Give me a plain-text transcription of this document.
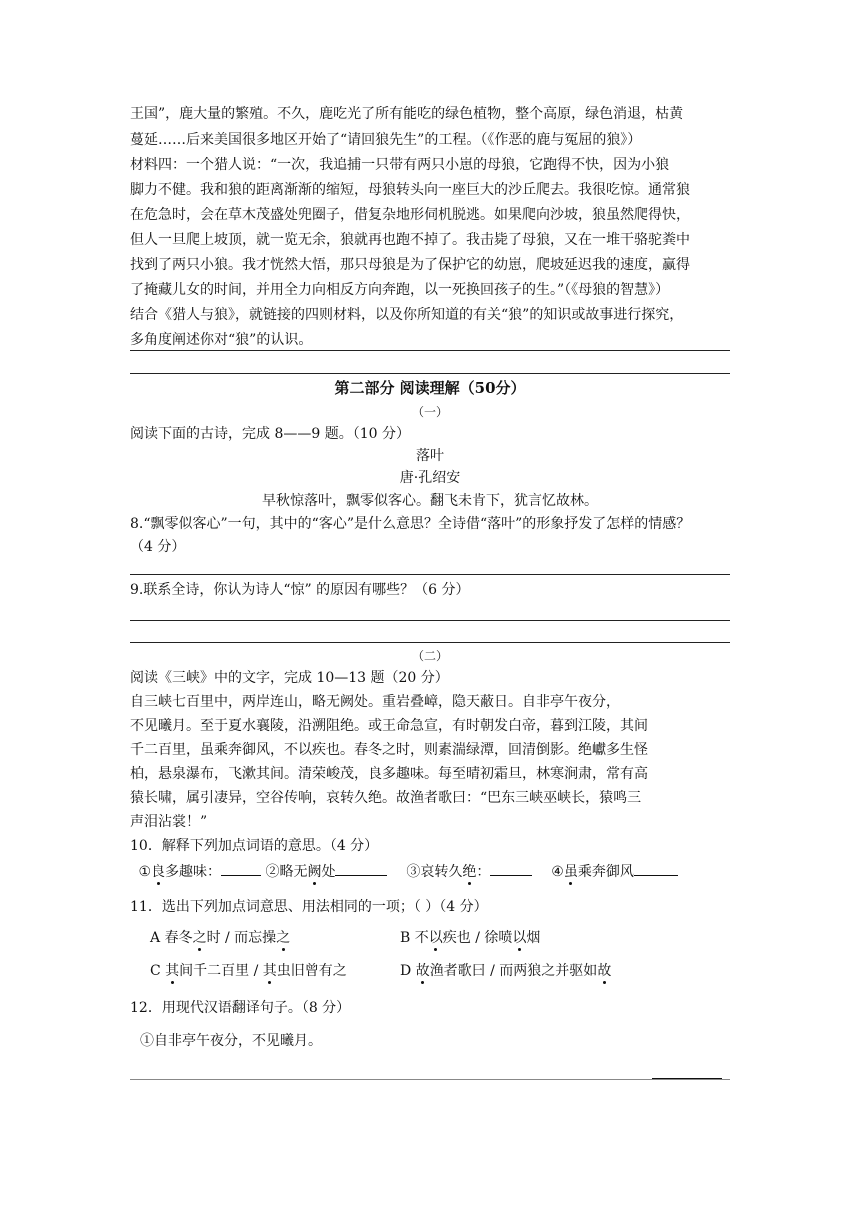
王国”，鹿大量的繁殖。不久，鹿吃光了所有能吃的绿色植物，整个高原，绿色消退，枯黄
蔓延……后来美国很多地区开始了“请回狼先生”的工程。（《作恶的鹿与冤屈的狼》）
材料四：一个猎人说：“一次，我追捕一只带有两只小崽的母狼，它跑得不快，因为小狼
脚力不健。我和狼的距离渐渐的缩短，母狼转头向一座巨大的沙丘爬去。我很吃惊。通常狼
在危急时，会在草木茂盛处兜圈子，借复杂地形伺机脱逃。如果爬向沙坡，狼虽然爬得快，
但人一旦爬上坡顶，就一览无余，狼就再也跑不掉了。我击毙了母狼，又在一堆干骆驼粪中
找到了两只小狼。我才恍然大悟，那只母狼是为了保护它的幼崽，爬坡延迟我的速度，赢得
了掩藏儿女的时间，并用全力向相反方向奔跑，以一死换回孩子的生。”（《母狼的智慧》）
结合《猎人与狼》，就链接的四则材料，以及你所知道的有关“狼”的知识或故事进行探究，
多角度阐述你对“狼”的认识。
第二部分 阅读理解（50分）
（一）
阅读下面的古诗，完成 8——9 题。（10 分）
落叶
唐·孔绍安
早秋惊落叶，飘零似客心。翻飞未肯下，犹言忆故林。
8.“飘零似客心”一句，其中的“客心”是什么意思？全诗借“落叶”的形象抒发了怎样的情感？
（4 分）
9.联系全诗，你认为诗人“惊” 的原因有哪些？（6 分）
（二）
阅读《三峡》中的文字，完成 10—13 题（20 分）
自三峡七百里中，两岸连山，略无阙处。重岩叠嶂，隐天蔽日。自非亭午夜分，
不见曦月。至于夏水襄陵，沿溯阻绝。或王命急宣，有时朝发白帝，暮到江陵，其间
千二百里，虽乘奔御风，不以疾也。春冬之时，则素湍绿潭，回清倒影。绝巘多生怪
柏，悬泉瀑布，飞漱其间。清荣峻茂，良多趣味。每至晴初霜旦，林寒涧肃，常有高
猿长啸，属引凄异，空谷传响，哀转久绝。故渔者歌曰：“巴东三峡巫峡长，猿鸣三
声泪沾裳！”
10．解释下列加点词语的意思。（4 分）
①良多趣味：	②略无阙处	③哀转久绝：	④虽乘奔御风
11．选出下列加点词意思、用法相同的一项；（ ）（4 分）
A 春冬之时 / 而忘操之	B 不以疾也 / 徐喷以烟
C 其间千二百里 / 其虫旧曾有之	D 故渔者歌曰 / 而两狼之并驱如故
12．用现代汉语翻译句子。（8 分）
①自非亭午夜分，不见曦月。
